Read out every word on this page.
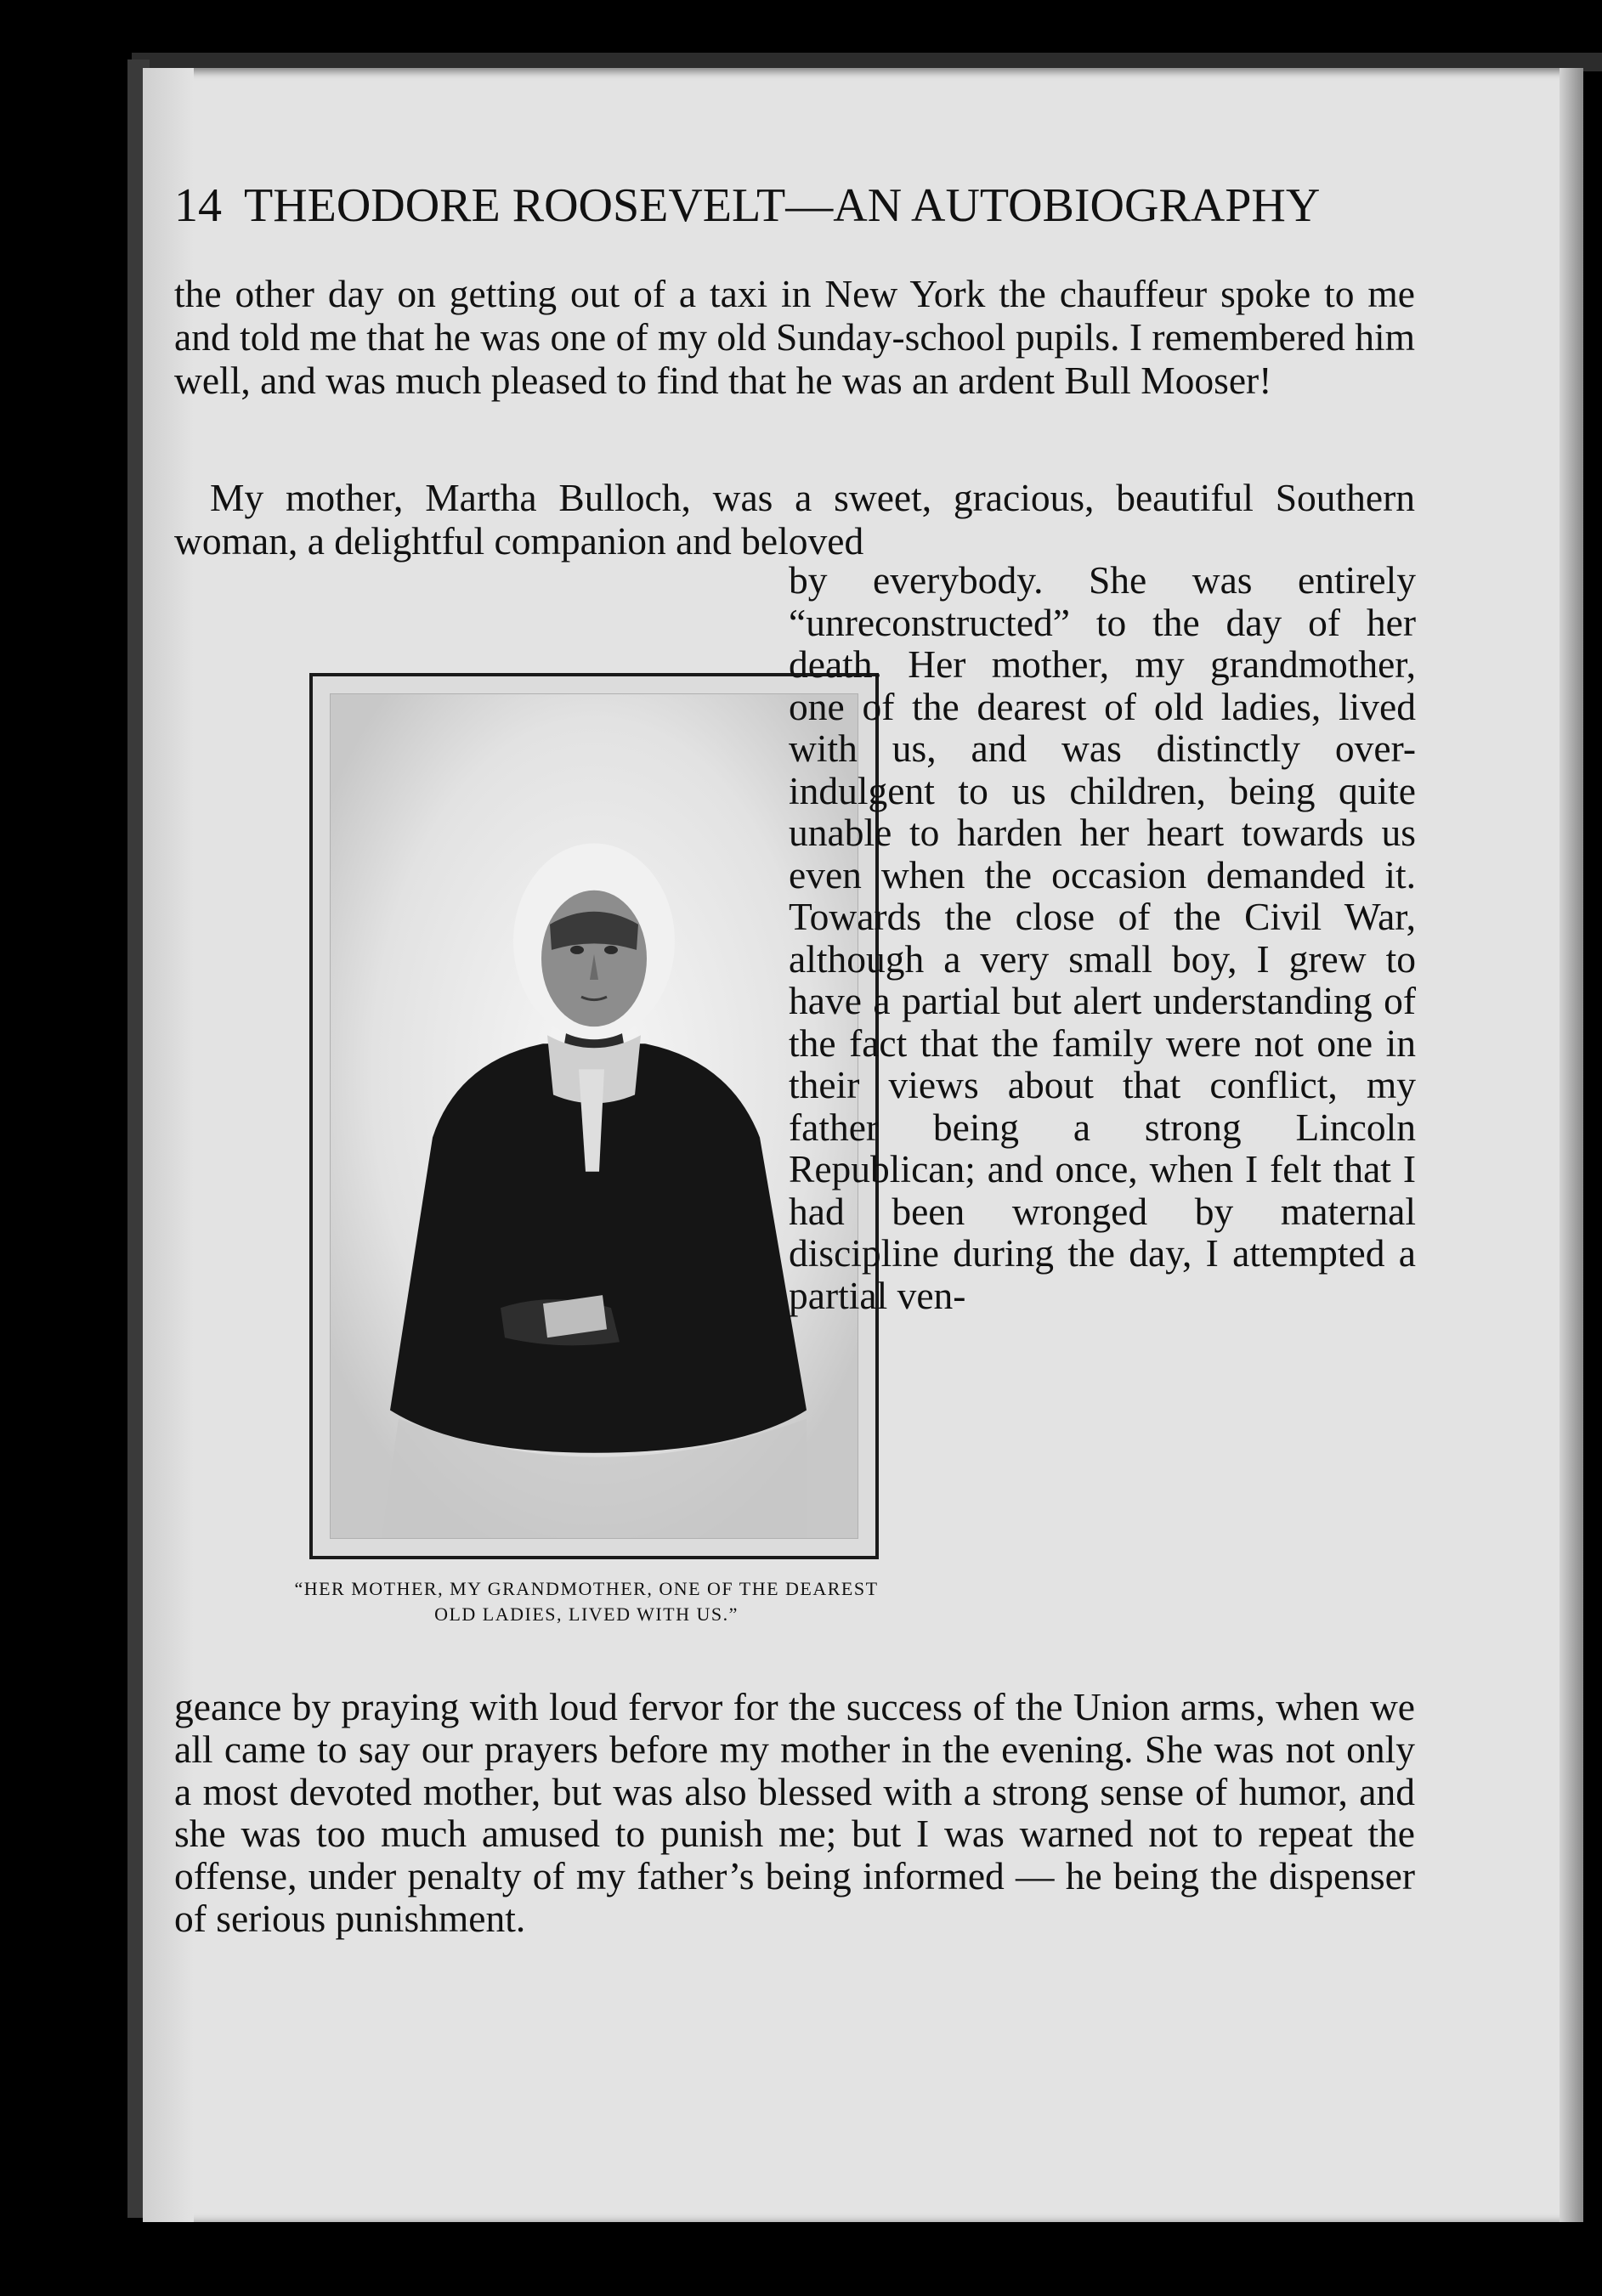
14 THEODORE ROOSEVELT—AN AUTOBIOGRAPHY
the other day on getting out of a taxi in New York the chauffeur spoke to me and told me that he was one of my old Sunday-school pupils. I remembered him well, and was much pleased to find that he was an ardent Bull Mooser!
My mother, Martha Bulloch, was a sweet, gracious, beautiful Southern woman, a delightful companion and beloved
“HER MOTHER, MY GRANDMOTHER, ONE OF THE DEAREST OLD LADIES, LIVED WITH US.”
by everybody. She was entirely “unreconstructed” to the day of her death. Her mother, my grandmother, one of the dearest of old ladies, lived with us, and was distinctly over-indulgent to us children, being quite unable to harden her heart towards us even when the occasion demanded it. Towards the close of the Civil War, although a very small boy, I grew to have a partial but alert understanding of the fact that the family were not one in their views about that conflict, my father being a strong Lincoln Republican; and once, when I felt that I had been wronged by maternal discipline during the day, I attempted a partial ven-
geance by praying with loud fervor for the success of the Union arms, when we all came to say our prayers before my mother in the evening. She was not only a most devoted mother, but was also blessed with a strong sense of humor, and she was too much amused to punish me; but I was warned not to repeat the offense, under penalty of my father’s being informed — he being the dispenser of serious punishment.
